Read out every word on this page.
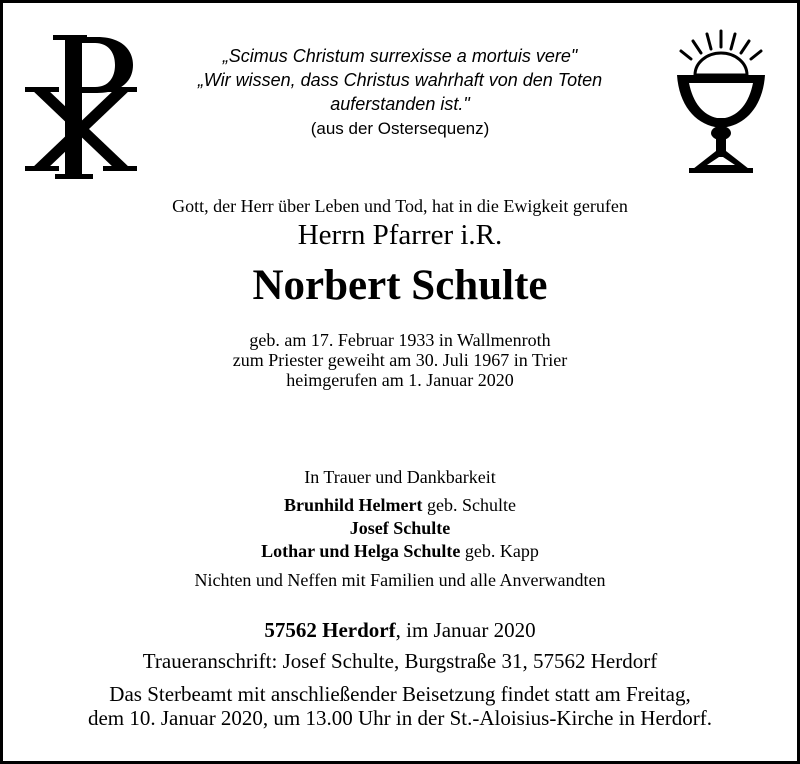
„Scimus Christum surrexisse a mortuis vere"
„Wir wissen, dass Christus wahrhaft von den Toten
auferstanden ist."
(aus der Ostersequenz)
Gott, der Herr über Leben und Tod, hat in die Ewigkeit gerufen
Herrn Pfarrer i.R.
Norbert Schulte
geb. am 17. Februar 1933 in Wallmenroth
zum Priester geweiht am 30. Juli 1967 in Trier
heimgerufen am 1. Januar 2020
In Trauer und Dankbarkeit
Brunhild Helmert geb. Schulte
Josef Schulte
Lothar und Helga Schulte geb. Kapp
Nichten und Neffen mit Familien und alle Anverwandten
57562 Herdorf, im Januar 2020
Traueranschrift: Josef Schulte, Burgstraße 31, 57562 Herdorf
Das Sterbeamt mit anschließender Beisetzung findet statt am Freitag,
dem 10. Januar 2020, um 13.00 Uhr in der St.-Aloisius-Kirche in Herdorf.
